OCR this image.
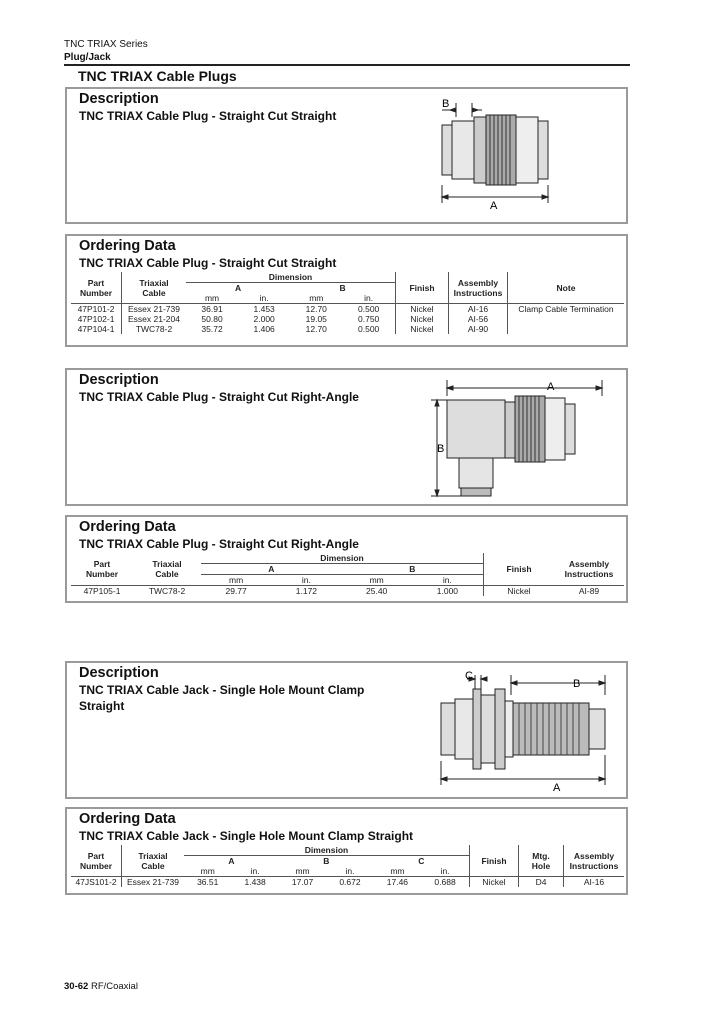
TNC TRIAX Series
Plug/Jack
TNC TRIAX Cable Plugs
Description
TNC TRIAX Cable Plug - Straight Cut Straight
B
A
Ordering Data
TNC TRIAX Cable Plug - Straight Cut Straight
Part
Number	Triaxial
Cable	Dimension				Finish	Assembly
Instructions	Note
		A		B				
		mm	in.	mm	in.			
47P101-2	Essex 21-739	36.91	1.453	12.70	0.500	Nickel	AI-16	Clamp Cable Termination
47P102-1	Essex 21-204	50.80	2.000	19.05	0.750	Nickel	AI-56	
47P104-1	TWC78-2	35.72	1.406	12.70	0.500	Nickel	AI-90	
Description
TNC TRIAX Cable Plug - Straight Cut Right-Angle
A
B
Ordering Data
TNC TRIAX Cable Plug - Straight Cut Right-Angle
Part
Number	Triaxial
Cable	Dimension				Finish	Assembly
Instructions
		A		B			
		mm	in.	mm	in.		
47P105-1	TWC78-2	29.77	1.172	25.40	1.000	Nickel	AI-89
Description
TNC TRIAX Cable Jack - Single Hole Mount Clamp
Straight
C
B
A
Ordering Data
TNC TRIAX Cable Jack - Single Hole Mount Clamp Straight
Part
Number	Triaxial
Cable	Dimension						Finish	Mtg.
Hole	Assembly
Instructions
		A		B		C				
		mm	in.	mm	in.	mm	in.			
47JS101-2	Essex 21-739	36.51	1.438	17.07	0.672	17.46	0.688	Nickel	D4	AI-16
30-62 RF/Coaxial
